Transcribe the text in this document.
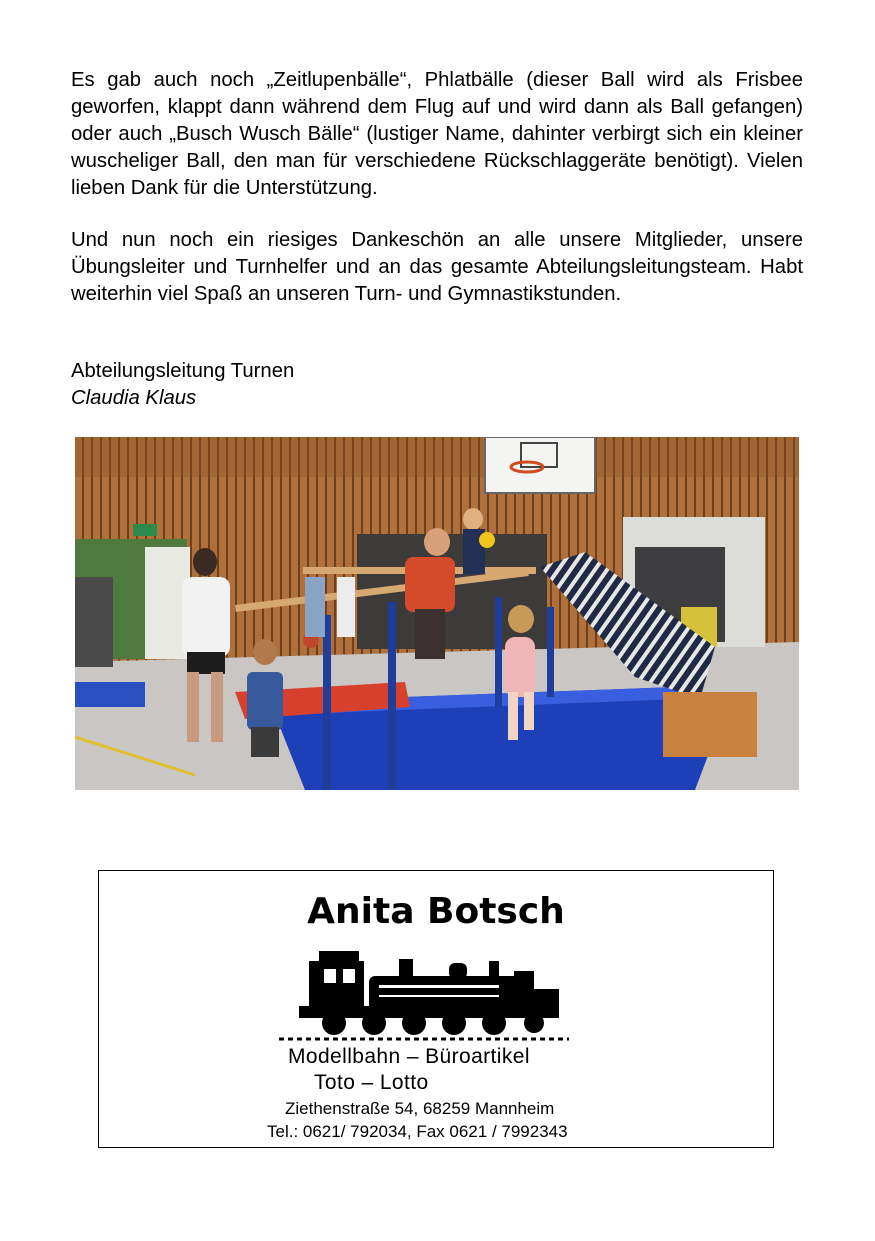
Es gab auch noch „Zeitlupenbälle“, Phlatbälle (dieser Ball wird als Frisbee geworfen, klappt dann während dem Flug auf und wird dann als Ball gefangen) oder auch „Busch Wusch Bälle“ (lustiger Name, dahinter verbirgt sich ein kleiner wuscheliger Ball, den man für verschiedene Rückschlaggeräte benötigt). Vielen lieben Dank für die Unterstützung.

Und nun noch ein riesiges Dankeschön an alle unsere Mitglieder, unsere Übungsleiter und Turnhelfer und an das gesamte Abteilungsleitungsteam. Habt weiterhin viel Spaß an unseren Turn- und Gymnastikstunden.

Abteilungsleitung Turnen
Claudia Klaus
Anita Botsch
Modellbahn – Büroartikel
Toto – Lotto
Ziethenstraße 54, 68259 Mannheim
Tel.: 0621/ 792034, Fax 0621 / 7992343
